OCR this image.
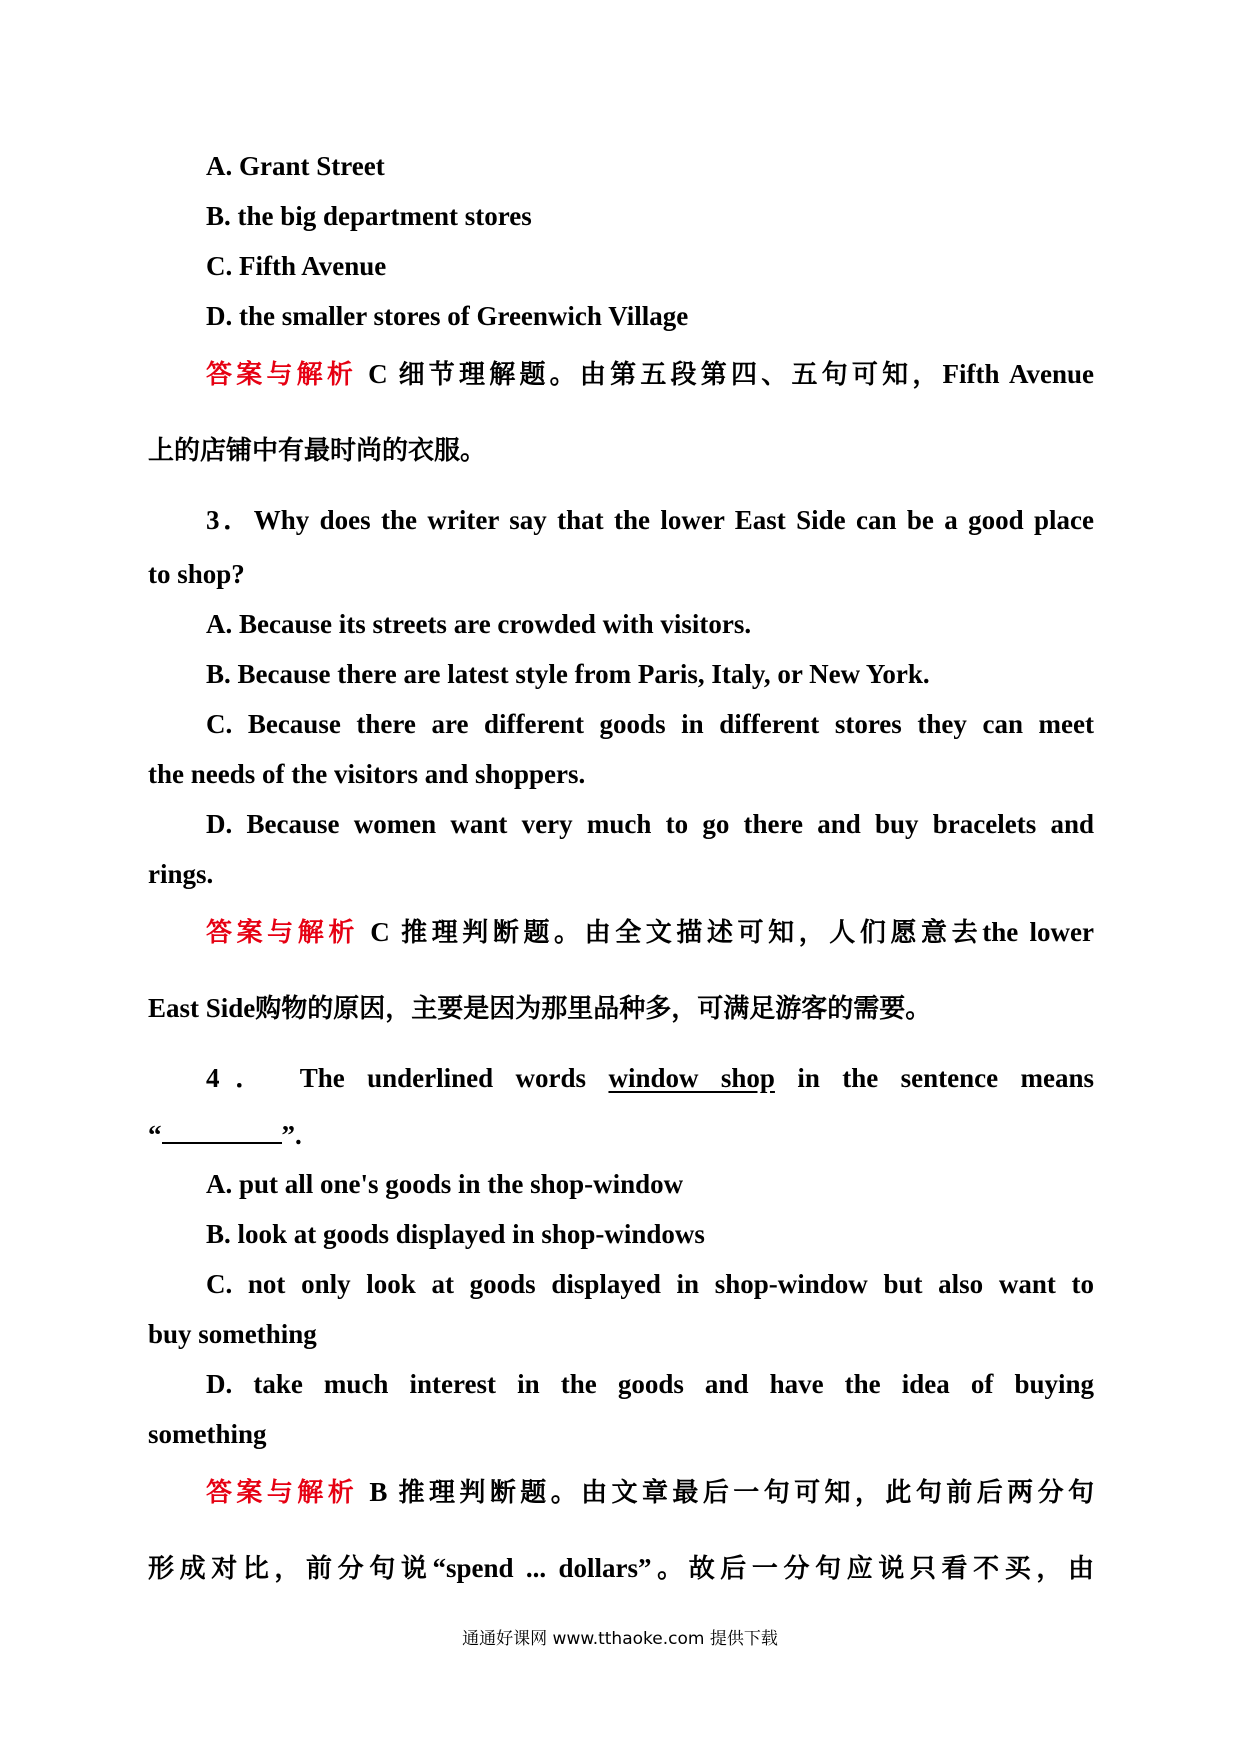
A. Grant Street
B. the big department stores
C. Fifth Avenue
D. the smaller stores of Greenwich Village
答案与解析 C 细节理解题。由第五段第四、五句可知，Fifth Avenue
上的店铺中有最时尚的衣服。
3．Why does the writer say that the lower East Side can be a good place
to shop?
A. Because its streets are crowded with visitors.
B. Because there are latest style from Paris, Italy, or New York.
C. Because there are different goods in different stores they can meet
the needs of the visitors and shoppers.
D. Because women want very much to go there and buy bracelets and
rings.
答案与解析 C 推理判断题。由全文描述可知，人们愿意去the lower
East Side购物的原因，主要是因为那里品种多，可满足游客的需要。
4． The underlined words window shop in the sentence means
“	”.
A. put all one's goods in the shop-window
B. look at goods displayed in shop-windows
C. not only look at goods displayed in shop-window but also want to
buy something
D. take much interest in the goods and have the idea of buying
something
答案与解析 B 推理判断题。由文章最后一句可知，此句前后两分句
形成对比，前分句说“spend ... dollars”。故后一分句应说只看不买，由
通通好课网 www.tthaoke.com 提供下载
